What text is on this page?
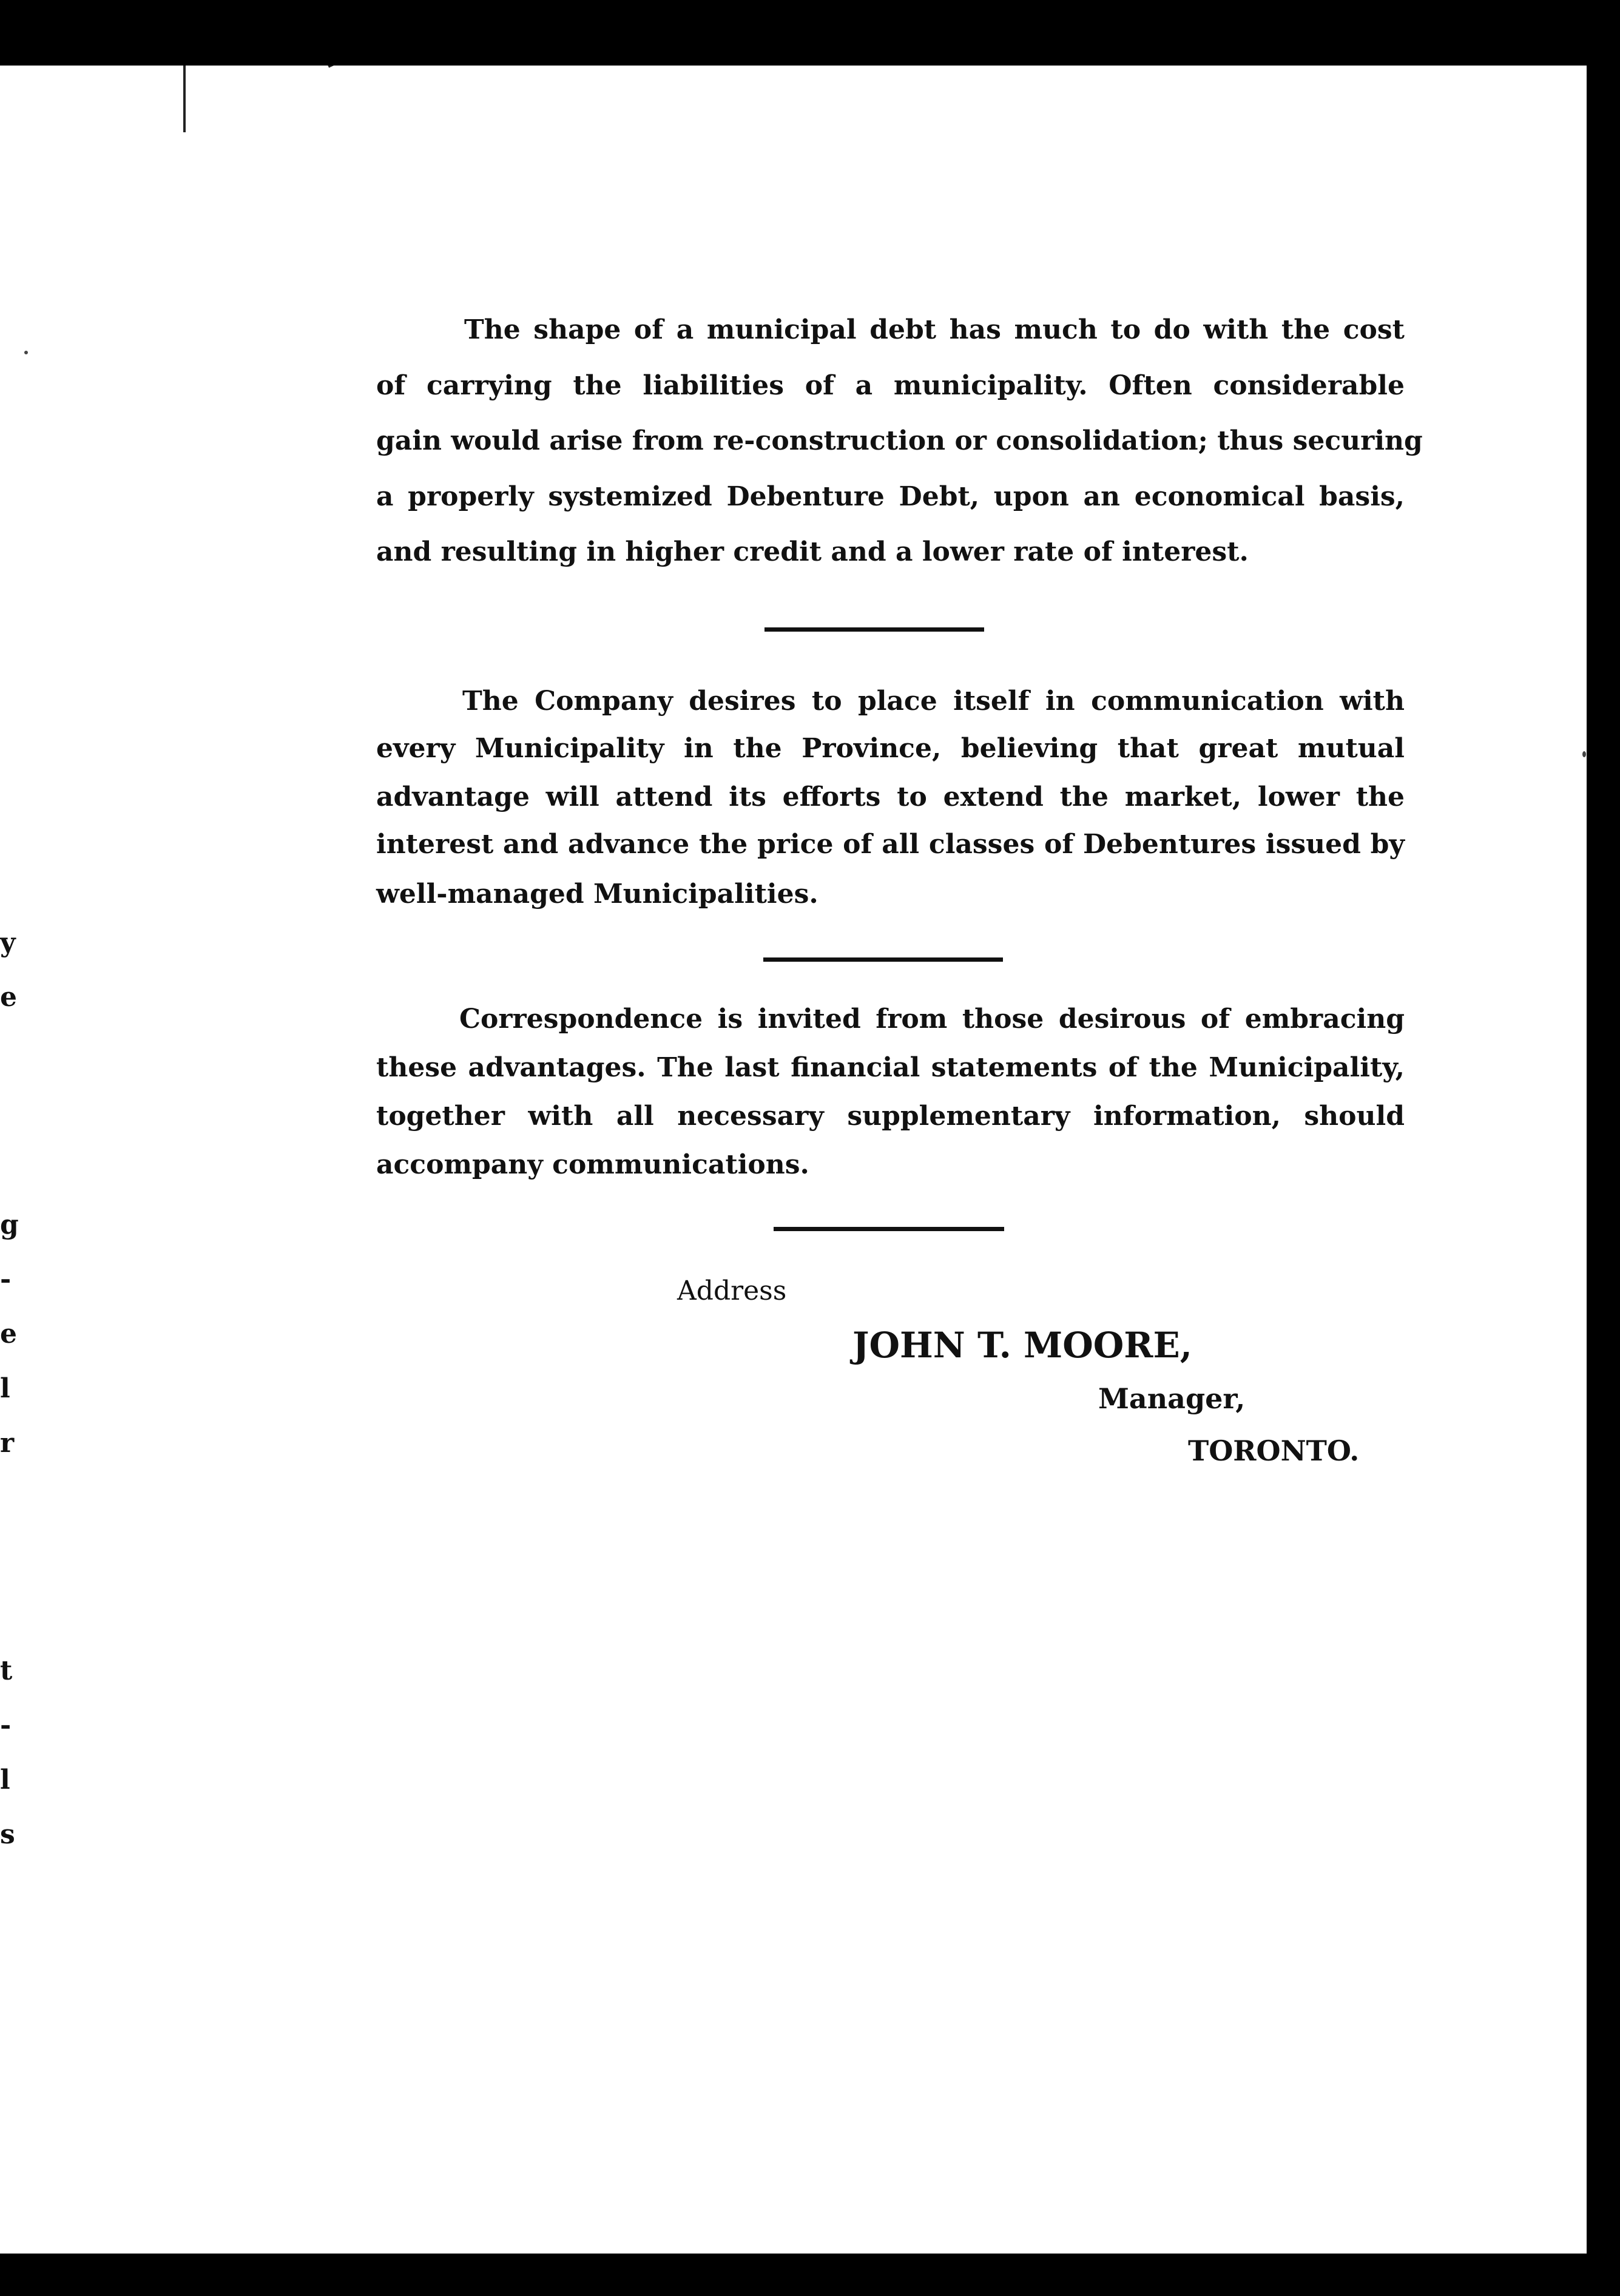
The shape of a municipal debt has much to do with the cost
of carrying the liabilities of a municipality. Often considerable
gain would arise from re-construction or consolidation; thus securing
a properly systemized Debenture Debt, upon an economical basis,
and resulting in higher credit and a lower rate of interest.
The Company desires to place itself in communication with
every Municipality in the Province, believing that great mutual
advantage will attend its efforts to extend the market, lower the
interest and advance the price of all classes of Debentures issued by
well-managed Municipalities.
Correspondence is invited from those desirous of embracing
these advantages. The last financial statements of the Municipality,
together with all necessary supplementary information, should
accompany communications.
Address
JOHN T. MOORE,
Manager,
TORONTO.
y
e
g
-
e
l
r
t
-
l
s
